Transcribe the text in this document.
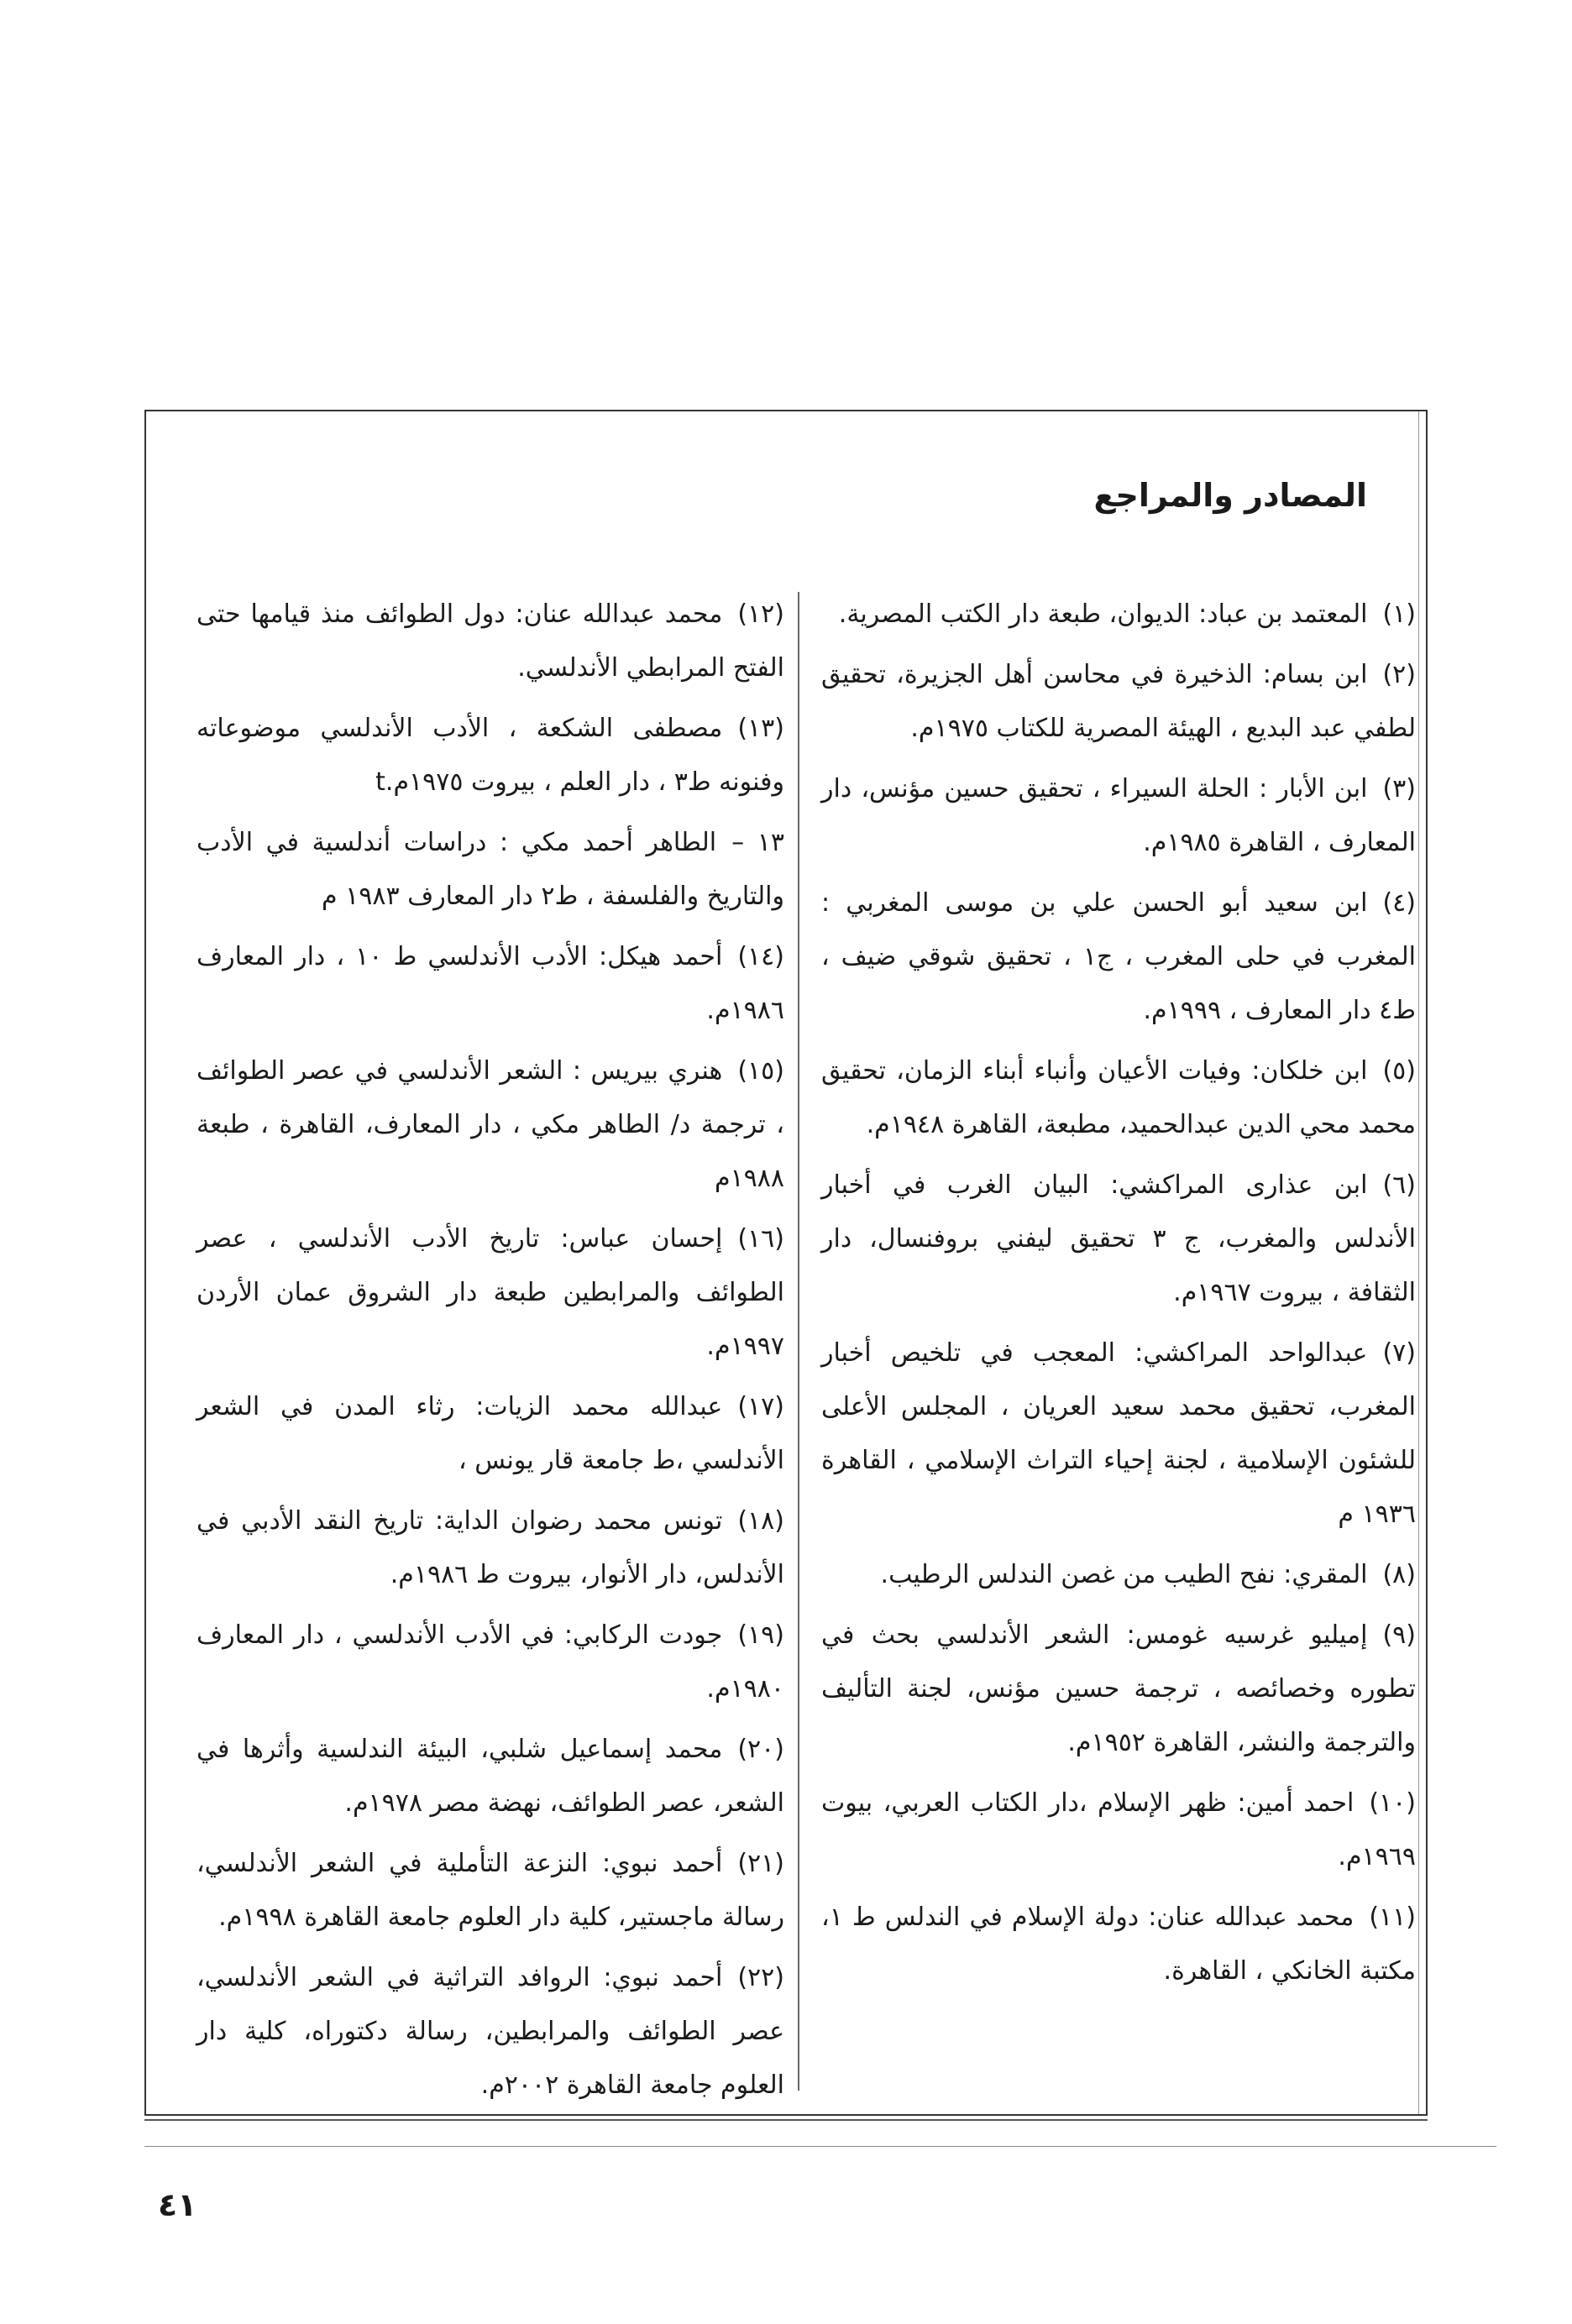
المصادر والمراجع

(١)المعتمد بن عباد: الديوان، طبعة دار الكتب المصرية.

(٢)ابن بسام: الذخيرة في محاسن أهل الجزيرة، تحقيق لطفي عبد البديع ، الهيئة المصرية للكتاب ١٩٧٥م.

(٣)ابن الأبار : الحلة السيراء ، تحقيق حسين مؤنس، دار المعارف ، القاهرة ١٩٨٥م.

(٤)ابن سعيد أبو الحسن علي بن موسى المغربي : المغرب في حلى المغرب ، ج١ ، تحقيق شوقي ضيف ، ط٤ دار المعارف ، ١٩٩٩م.

(٥)ابن خلكان: وفيات الأعيان وأنباء أبناء الزمان، تحقيق محمد محي الدين عبدالحميد، مطبعة، القاهرة ١٩٤٨م.

(٦)ابن عذارى المراكشي: البيان الغرب في أخبار الأندلس والمغرب، ج ٣ تحقيق ليفني بروفنسال، دار الثقافة ، بيروت ١٩٦٧م.

(٧)عبدالواحد المراكشي: المعجب في تلخيص أخبار المغرب، تحقيق محمد سعيد العريان ، المجلس الأعلى للشئون الإسلامية ، لجنة إحياء التراث الإسلامي ، القاهرة ١٩٣٦ م

(٨)المقري: نفح الطيب من غصن الندلس الرطيب.

(٩)إميليو غرسيه غومس: الشعر الأندلسي بحث في تطوره وخصائصه ، ترجمة حسين مؤنس، لجنة التأليف والترجمة والنشر، القاهرة ١٩٥٢م.

(١٠)احمد أمين: ظهر الإسلام ،دار الكتاب العربي، بيوت ١٩٦٩م.

(١١)محمد عبدالله عنان: دولة الإسلام في الندلس ط ١، مكتبة الخانكي ، القاهرة.

(١٢)محمد عبدالله عنان: دول الطوائف منذ قيامها حتى الفتح المرابطي الأندلسي.

(١٣)مصطفى الشكعة ، الأدب الأندلسي موضوعاته وفنونه ط٣ ، دار العلم ، بيروت ١٩٧٥م.t

١٣ –الطاهر أحمد مكي : دراسات أندلسية في الأدب والتاريخ والفلسفة ، ط٢ دار المعارف ١٩٨٣ م

(١٤)أحمد هيكل: الأدب الأندلسي ط ١٠ ، دار المعارف ١٩٨٦م.

(١٥)هنري بيريس : الشعر الأندلسي في عصر الطوائف ، ترجمة د/ الطاهر مكي ، دار المعارف، القاهرة ، طبعة ١٩٨٨م

(١٦)إحسان عباس: تاريخ الأدب الأندلسي ، عصر الطوائف والمرابطين طبعة دار الشروق عمان الأردن ١٩٩٧م.

(١٧)عبدالله محمد الزيات: رثاء المدن في الشعر الأندلسي ،ط جامعة قار يونس ،

(١٨)تونس محمد رضوان الداية: تاريخ النقد الأدبي في الأندلس، دار الأنوار، بيروت ط ١٩٨٦م.

(١٩)جودت الركابي: في الأدب الأندلسي ، دار المعارف ١٩٨٠م.

(٢٠)محمد إسماعيل شلبي، البيئة الندلسية وأثرها في الشعر، عصر الطوائف، نهضة مصر ١٩٧٨م.

(٢١)أحمد نبوي: النزعة التأملية في الشعر الأندلسي، رسالة ماجستير، كلية دار العلوم جامعة القاهرة ١٩٩٨م.

(٢٢)أحمد نبوي: الروافد التراثية في الشعر الأندلسي، عصر الطوائف والمرابطين، رسالة دكتوراه، كلية دار العلوم جامعة القاهرة ٢٠٠٢م.

٤١
